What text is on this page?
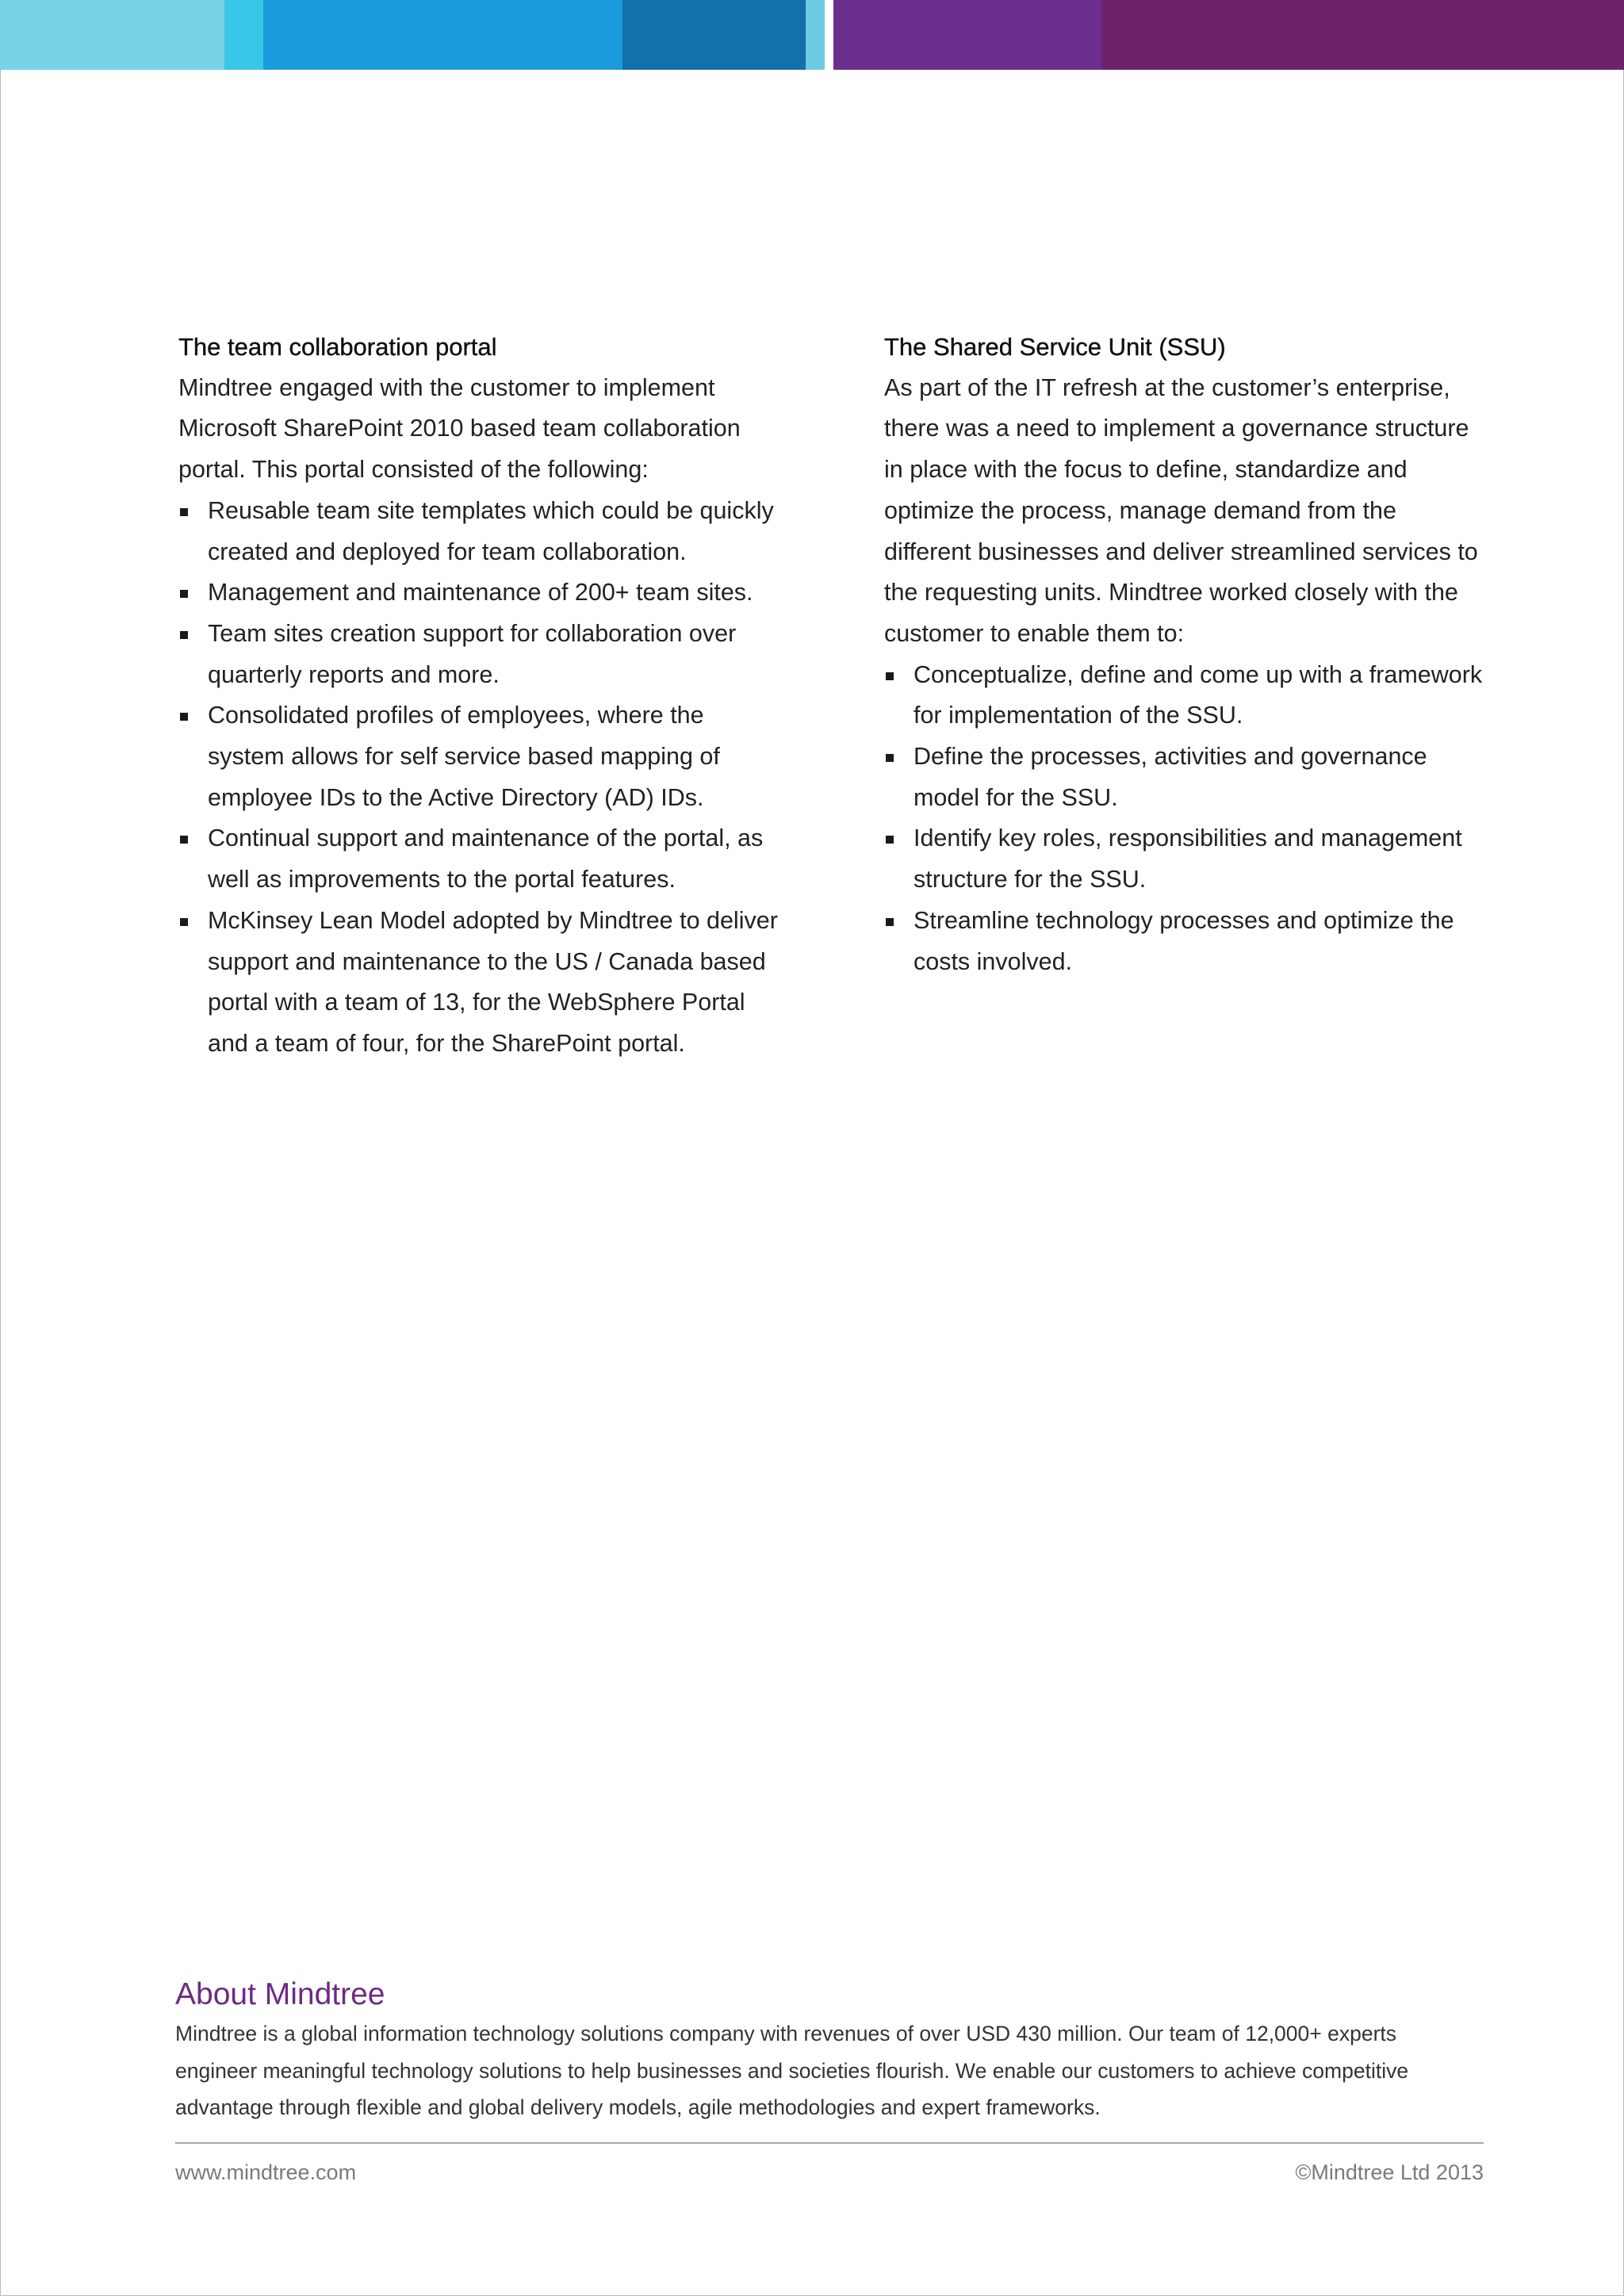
The team collaboration portal

Mindtree engaged with the customer to implement Microsoft SharePoint 2010 based team collaboration portal. This portal consisted of the following:

Reusable team site templates which could be quickly created and deployed for team collaboration.
Management and maintenance of 200+ team sites.
Team sites creation support for collaboration over quarterly reports and more.
Consolidated profiles of employees, where the system allows for self service based mapping of employee IDs to the Active Directory (AD) IDs.
Continual support and maintenance of the portal, as well as improvements to the portal features.
McKinsey Lean Model adopted by Mindtree to deliver support and maintenance to the US / Canada based portal with a team of 13, for the WebSphere Portal and a team of four, for the SharePoint portal.
The Shared Service Unit (SSU)

As part of the IT refresh at the customer’s enterprise, there was a need to implement a governance structure in place with the focus to define, standardize and optimize the process, manage demand from the different businesses and deliver streamlined services to the requesting units. Mindtree worked closely with the customer to enable them to:

Conceptualize, define and come up with a framework for implementation of the SSU.
Define the processes, activities and governance model for the SSU.
Identify key roles, responsibilities and management structure for the SSU.
Streamline technology processes and optimize the costs involved.
About Mindtree

Mindtree is a global information technology solutions company with revenues of over USD 430 million. Our team of 12,000+ experts engineer meaningful technology solutions to help businesses and societies flourish. We enable our customers to achieve competitive advantage through flexible and global delivery models, agile methodologies and expert frameworks.

www.mindtree.com	©Mindtree Ltd 2013
